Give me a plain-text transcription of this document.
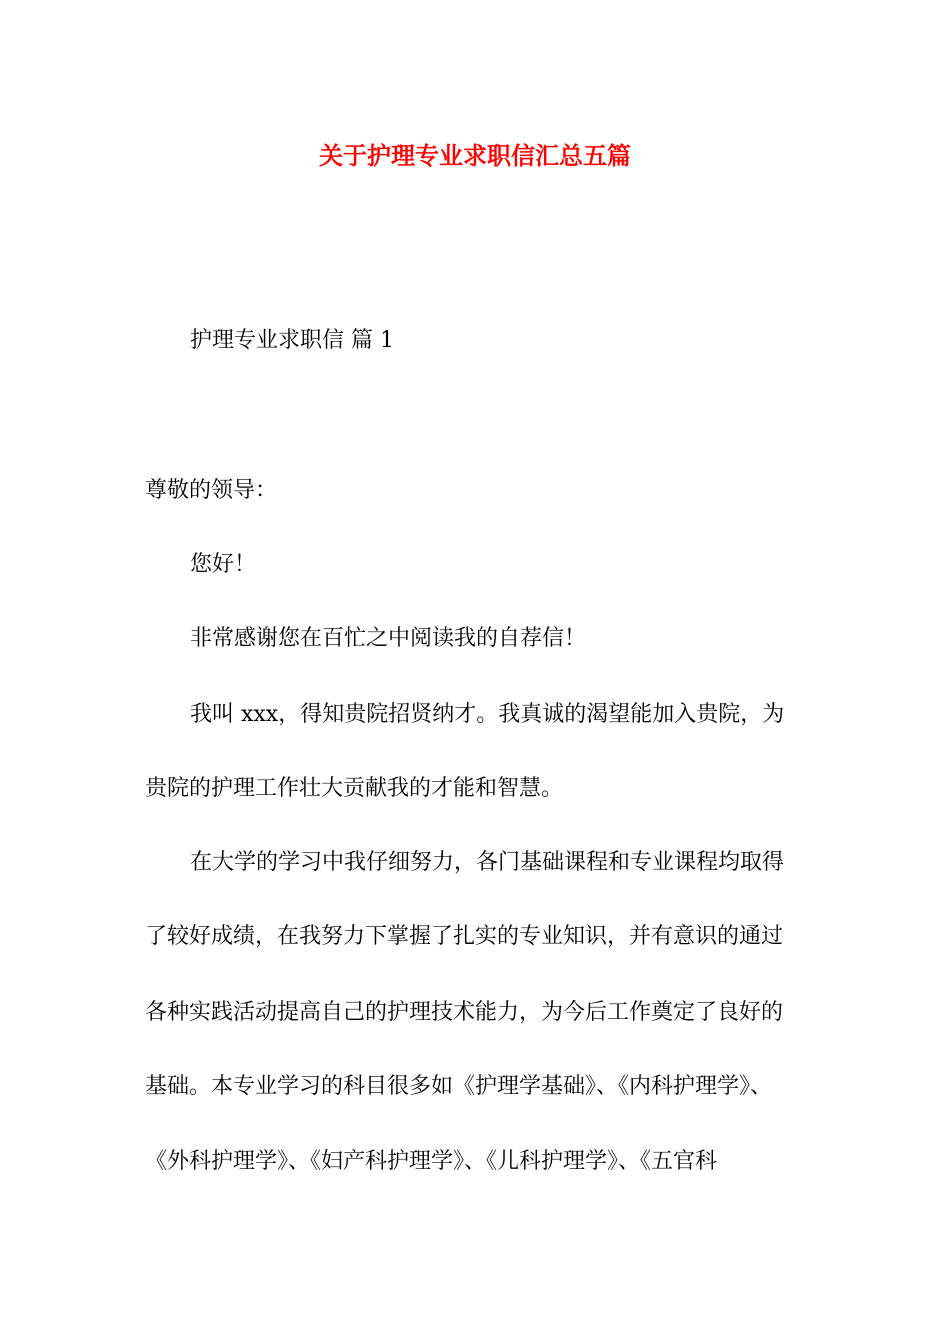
关于护理专业求职信汇总五篇
护理专业求职信 篇 1
尊敬的领导：
您好！
非常感谢您在百忙之中阅读我的自荐信！
我叫 xxx，得知贵院招贤纳才。我真诚的渴望能加入贵院，为
贵院的护理工作壮大贡献我的才能和智慧。
在大学的学习中我仔细努力，各门基础课程和专业课程均取得
了较好成绩，在我努力下掌握了扎实的专业知识，并有意识的通过
各种实践活动提高自己的护理技术能力，为今后工作奠定了良好的
基础。本专业学习的科目很多如《护理学基础》、《内科护理学》、
《外科护理学》、《妇产科护理学》、《儿科护理学》、《五官科
